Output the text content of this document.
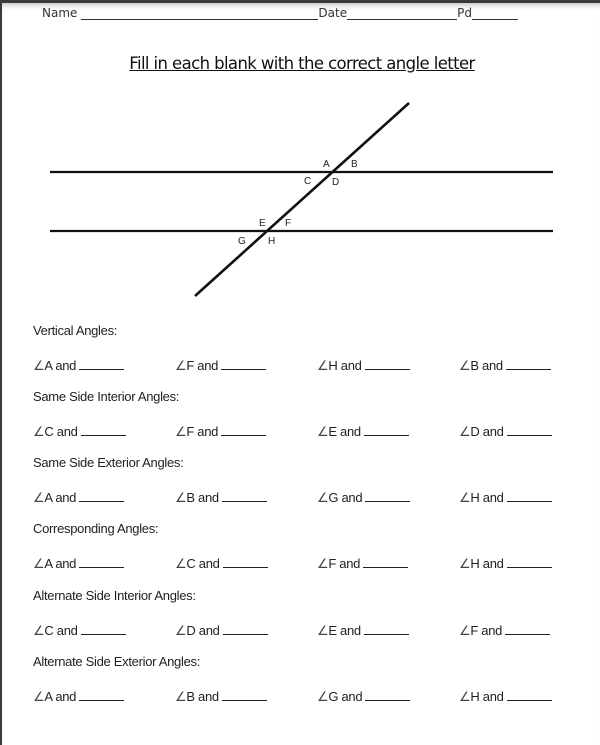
Name	Date	Pd
Fill in each blank with the correct angle letter
A B
C D
E F
G H
Vertical Angles:
∠A and	∠F and	∠H and	∠B and
Same Side Interior Angles:
∠C and	∠F and	∠E and	∠D and
Same Side Exterior Angles:
∠A and	∠B and	∠G and	∠H and
Corresponding Angles:
∠A and	∠C and	∠F and	∠H and
Alternate Side Interior Angles:
∠C and	∠D and	∠E and	∠F and
Alternate Side Exterior Angles:
∠A and	∠B and	∠G and	∠H and
